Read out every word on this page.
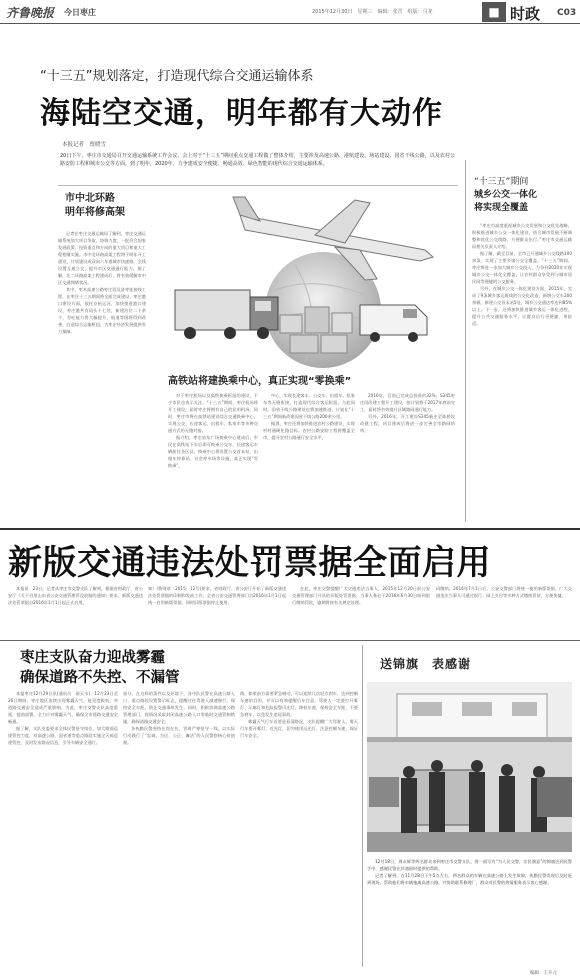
齐鲁晚报 今日枣庄	2015年12月30日　星期三　编辑：张晋　组版：马龙	■ 时政 C03
“十三五”规划落定，打造现代综合交通运输体系
海陆空交通，明年都有大动作
本报记者　贾晓雪
20日下午，枣庄市交通局召开交通运输系统工作会议，会上对于“十三五”期间重点交通工程做了整体介绍，主要涉及高速公路、港航建设、场站建设、国省干线公路，以及农村公路安防工程和城市公交等方面，到了明年，2020年，力争建成安全便捷、畅通高效、绿色智能的现代综合交通运输体系。
市中北环路
明年将修高架
“十三五”期间
城乡公交一体化
将实现全覆盖
高铁站将建换乘中心，真正实现“零换乘”

记者在枣庄交通运输局了解到，枣庄交通运输系统加大项目争取，协调力度，一批符合国家发展政策、投资重点和方向的重大项目和重大工程相继实施。市中北环路高架工程将于明年开工建设，计划建设成双向六车道城市快速路，全线设置互通立交，提升市区交通通行能力。据了解，北二环路高架工程建成后，将有效缓解市中区交通拥堵状况。

其中，枣木高速公路枣庄段及济枣连接线工程，在枣庄十三五期间将全面完成建设。枣庄港口建设方面，依托京杭运河，加快推进港口建设，枣庄港共有码头十七处，新建泊位二十余个，吞吐能力将大幅提升，航道等级将得到改善，打造综合运输枢纽，为枣庄经济发展提供有力保障。

对于枣庄机场以及高铁换乘枢纽的建设，不少市民也表示关注。“十三五”期间，枣庄机场将开工建设，届时枣庄将拥有自己的民用机场。同时，枣庄市将在高铁站建设综合交通换乘中心，实现公交、长途客运、出租车、私家车等多种交通方式的无缝对接。

据介绍，枣庄站东广场换乘中心建成后，市民在高铁站下车后即可换乘公交车、长途客运车辆前往各区县。换乘中心将设置公交首末站、出租车停靠站、社会停车场等设施，真正实现“零换乘”。

中心，实现长途客车、公交车、出租车、私家车等无缝衔接，打造现代综合客运枢纽。与此同时，国省干线公路建设也将加速推进，计划在“十三五”期间新改建国省干线公路200余公里。

据悉，枣庄还将加快推进农村公路建设，实现村村通硬化路目标。农村公路安防工程将覆盖全市，提升农村公路通行安全水平。

2016年，目前已完成总投资约32%，S345枣庄段改建工程开工建设，按计划将于2017年底前完工，届时将有效提升区域路网通行能力。

另外，2016年，开工建设S345新庄至陈桥段改建工程，项目建成后将进一步完善全市路网结构。

“枣庄市高度重视城乡公交发展和公交优先战略，积极推进城乡公交一体化建设，结合城市发展不断调整和优化公交线路，方便群众出行。”枣庄市交通运输局相关负责人介绍。

据了解，截至目前，全市已开通城乡公交线路100余条，实现了主要乡镇公交全覆盖。“十三五”期间，枣庄将进一步加大城乡公交投入，力争到2020年实现城乡公交一体化全覆盖，让农村群众享受到与城市居民同等便捷的公交服务。

另外，在城乡公交一体化建设方面，2015年，完成了9条城乡客运班线的公交化改造，新增公交车200余辆，新建公交首末站5处，城乡公交通达率达到85%以上。下一步，还将加快推进城乡客运一体化进程，提升公共交通服务水平，让群众出行更便捷、更舒适。

新版交通违法处罚票据全面启用

本报讯　23日，记者从枣庄市交警支队了解到，根据省财政厅、省公安厅《关于启用山东省公安交通管理罚没收据的通知》要求，新版交通违法处罚票据自2016年1月1日起正式启用。

知》(鲁财票〔2015〕12号)要求，省财政厅、省公安厅开始了新版交通违法处罚票据的印制和发放工作，全省公安交通管理部门自2016年1月1日起统一启用新版票据，同时旧版票据停止使用。

在此，枣庄交警提醒广大交通违法当事人，2015年12月20日前公安交通管理部门开具的旧版处罚票据，当事人务必于2016年6月30日前到银行缴纳罚款，逾期将按有关规定处理。

码缴纳。2016年7月1日后，公安交警部门将统一使用新版票据，广大交通违法当事人可通过银行、网上支付等多种方式缴纳罚款，方便快捷。

枣庄支队奋力迎战雾霾
确保道路不失控、不漏管

本报枣庄12月29日讯(通讯员　郝天水)　12月23日至26日期间，枣庄地区连续出现雾霾天气，能见度极低，对道路交通安全造成严重影响。为此，枣庄交警支队高度重视，提前部署，全力应对雾霾天气，确保全市道路交通安全畅通。

据了解，支队党委要求全体民警坚守岗位，加大路面巡逻管控力度，对高速公路、国省道等重点路段实施全天候巡逻管控，及时发布路况信息，引导车辆安全通行。

部分。在这样的条件以及环境下，各中队民警在高速公路入口、重点路段设置警示标志，提醒过往驾驶人减速慢行、保持安全车距，防止交通事故发生。同时，积极协调高速公路管理部门，视情况采取封闭高速公路入口等临时交通管制措施，确保道路交通安全。

各执勤民警坚持在岗在位，冒着严寒坚守一线，以实际行动践行了“忠诚、为民、公正、廉洁”的人民警察核心价值观。

路，如果前方需要紧急制动，可以连续几次轻点刹车，达到控制车速的目的，并可以有效提醒后车注意。驾驶人一定要打开雾灯、示廓灯和危险报警闪光灯，降低车速，保持安全车距，不要急刹车，以免发生追尾事故。

雾霾天气行车首要是看清路况，支队提醒广大驾驶人，雾天行车要开雾灯、近光灯，切勿使用远光灯，注意控制车速，保证行车安全。

送锦旗　表感谢

12月18日，周永辉等两名群众来到枣庄市交警支队，将一面写有“为人民交警，宗民满意”的锦旗送到民警手中，感谢民警在其遇困时提供的帮助。

记者了解到，在11月28日下午5点左右，两名群众的车辆在高速公路上发生故障，执勤民警发现后及时赶到现场，帮助他们将车辆拖离高速公路，并协助联系修理厂，群众对民警的热情服务表示衷心感谢。

编辑：王开元
